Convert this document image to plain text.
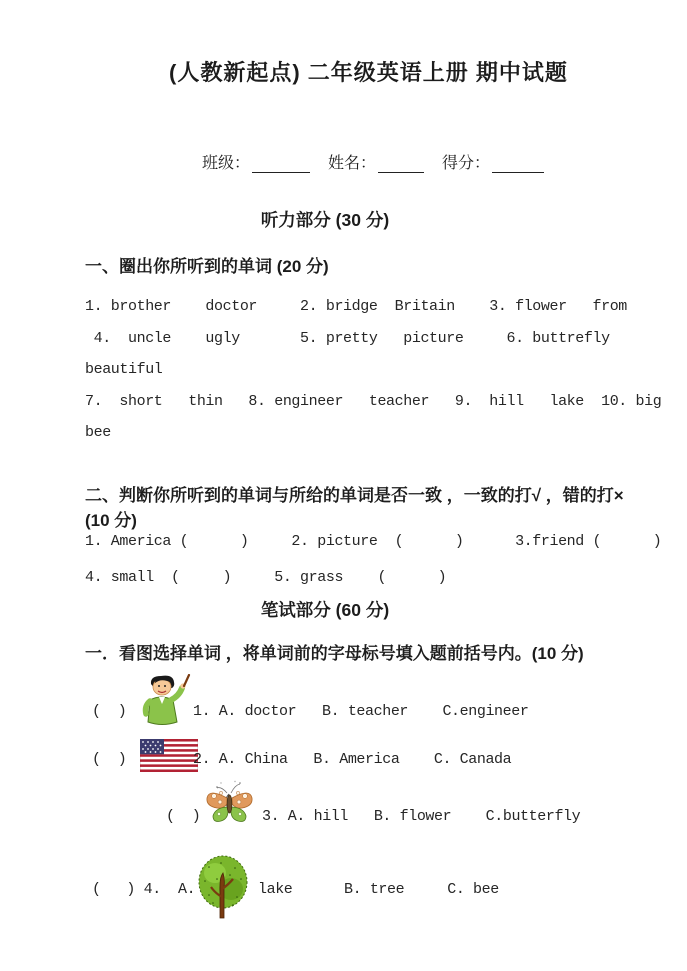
(人教新起点) 二年级英语上册 期中试题
班级：	姓名：	得分：
听力部分 (30 分)
一、圈出你所听到的单词 (20 分)
1. brother    doctor     2. bridge  Britain    3. flower   from
4.  uncle    ugly       5. pretty   picture     6. buttrefly
beautiful
7.  short   thin   8. engineer   teacher   9.  hill   lake  10. big
bee
二、判断你所听到的单词与所给的单词是否一致 ，一致的打√ ，错的打× (10 分)
1. America (      )     2. picture  (      )      3.friend (      )
4. small  (     )     5. grass    (      )
笔试部分 (60 分)
一．看图选择单词 ，将单词前的字母标号填入题前括号内。(10 分)
(  )	1. A. doctor   B. teacher    C.engineer
(  )	2. A. China   B. America    C. Canada
(  )	3. A. hill   B. flower    C.butterfly
(   ) 4.  A.	lake      B. tree     C. bee
